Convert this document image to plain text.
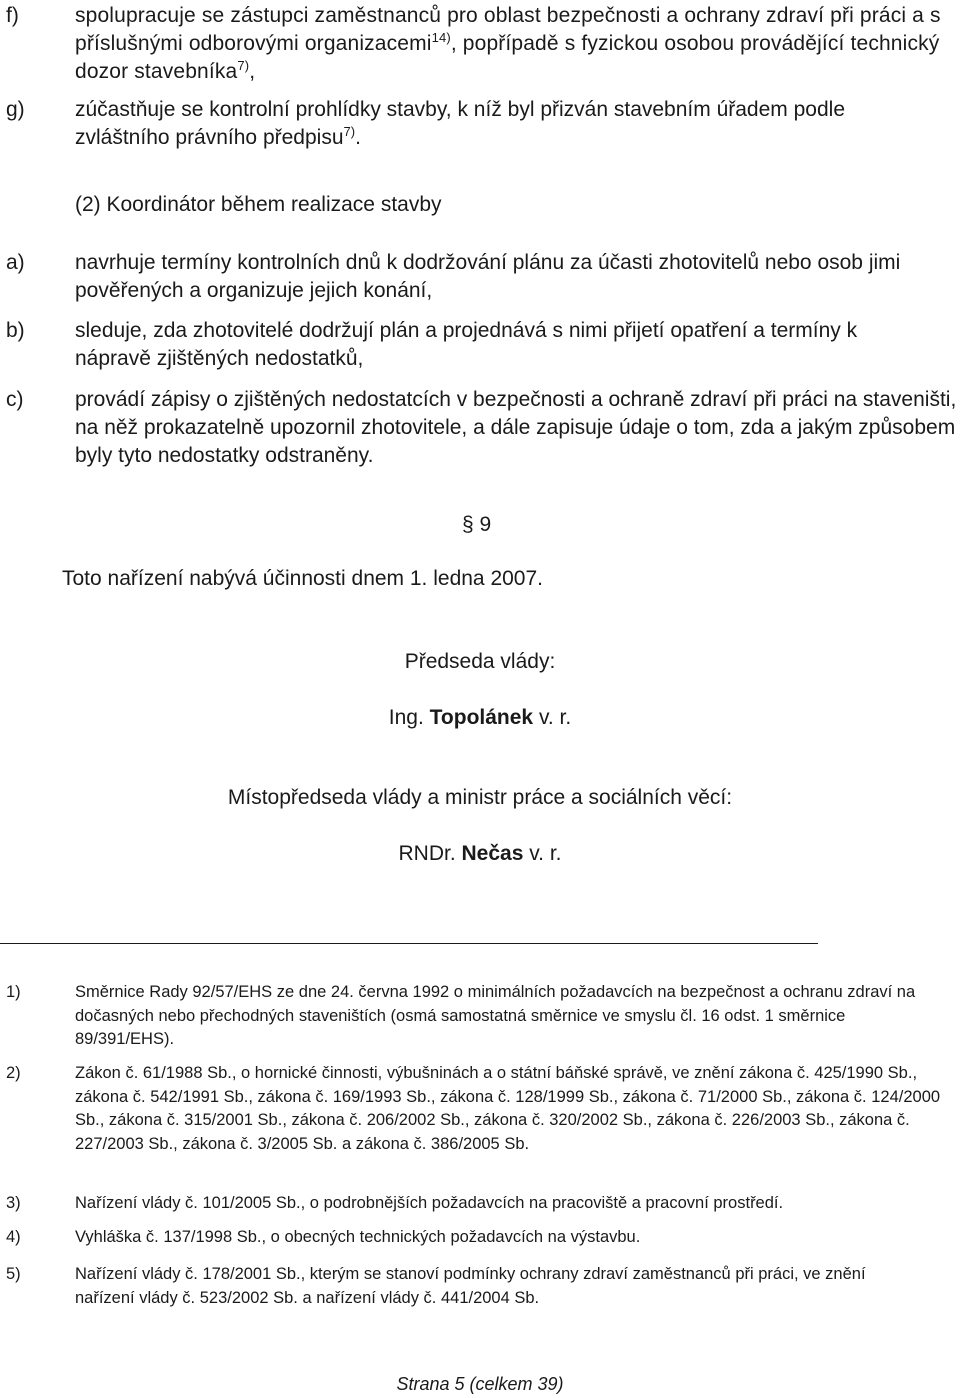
f)	spolupracuje se zástupci zaměstnanců pro oblast bezpečnosti a ochrany zdraví při práci a s příslušnými odborovými organizacemi$^{14)}$, popřípadě s fyzickou osobou provádějící technický dozor stavebníka$^{7)}$,
g) zúčastňuje se kontrolní prohlídky stavby, k níž byl přizván stavebním úřadem podle zvláštního právního předpisu$^{7)}$.
(2) Koordinátor během realizace stavby
a) navrhuje termíny kontrolních dnů k dodržování plánu za účasti zhotovitelů nebo osob jimi pověřených a organizuje jejich konání,
b) sleduje, zda zhotovitelé dodržují plán a projednává s nimi přijetí opatření a termíny k nápravě zjištěných nedostatků,
c) provádí zápisy o zjištěných nedostatcích v bezpečnosti a ochraně zdraví při práci na staveništi, na něž prokazatelně upozornil zhotovitele, a dále zapisuje údaje o tom, zda a jakým způsobem byly tyto nedostatky odstraněny.
§ 9
Toto nařízení nabývá účinnosti dnem 1. ledna 2007.
Předseda vlády:
Ing. Topolánek v. r.
Místopředseda vlády a ministr práce a sociálních věcí:
RNDr. Nečas v. r.
1)	Směrnice Rady 92/57/EHS ze dne 24. června 1992 o minimálních požadavcích na bezpečnost a ochranu zdraví na dočasných nebo přechodných staveništích (osmá samostatná směrnice ve smyslu čl. 16 odst. 1 směrnice 89/391/EHS).
2)	Zákon č. 61/1988 Sb., o hornické činnosti, výbušninách a o státní báňské správě, ve znění zákona č. 425/1990 Sb., zákona č. 542/1991 Sb., zákona č. 169/1993 Sb., zákona č. 128/1999 Sb., zákona č. 71/2000 Sb., zákona č. 124/2000 Sb., zákona č. 315/2001 Sb., zákona č. 206/2002 Sb., zákona č. 320/2002 Sb., zákona č. 226/2003 Sb., zákona č. 227/2003 Sb., zákona č. 3/2005 Sb. a zákona č. 386/2005 Sb.
3)	Nařízení vlády č. 101/2005 Sb., o podrobnějších požadavcích na pracoviště a pracovní prostředí.
4)	Vyhláška č. 137/1998 Sb., o obecných technických požadavcích na výstavbu.
5)	Nařízení vlády č. 178/2001 Sb., kterým se stanoví podmínky ochrany zdraví zaměstnanců při práci, ve znění nařízení vlády č. 523/2002 Sb. a nařízení vlády č. 441/2004 Sb.
Strana 5 (celkem 39)
